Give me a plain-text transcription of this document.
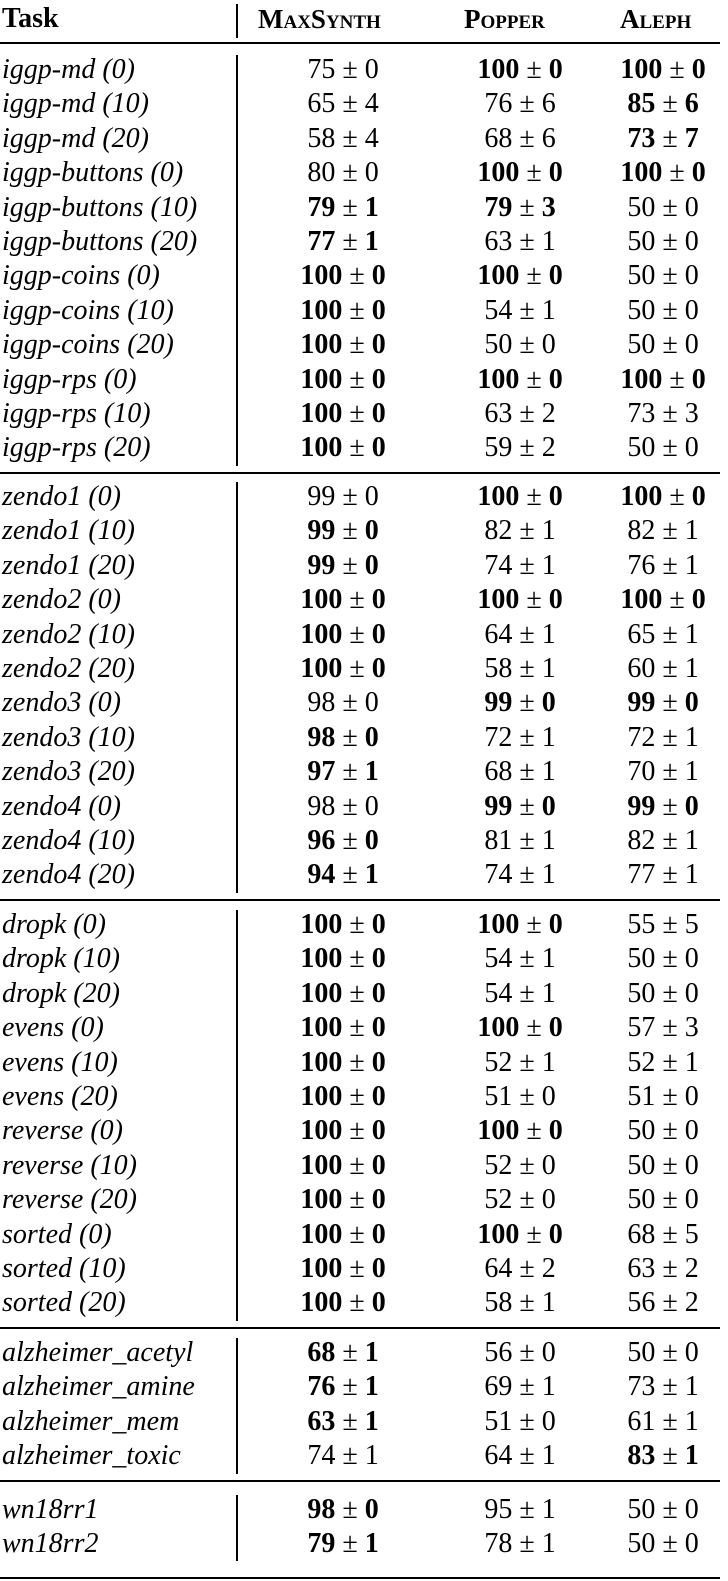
Task	MaxSynth	Popper	Aleph
iggp-md (0)	75 ± 0	100 ± 0	100 ± 0
iggp-md (10)	65 ± 4	76 ± 6	85 ± 6
iggp-md (20)	58 ± 4	68 ± 6	73 ± 7
iggp-buttons (0)	80 ± 0	100 ± 0	100 ± 0
iggp-buttons (10)	79 ± 1	79 ± 3	50 ± 0
iggp-buttons (20)	77 ± 1	63 ± 1	50 ± 0
iggp-coins (0)	100 ± 0	100 ± 0	50 ± 0
iggp-coins (10)	100 ± 0	54 ± 1	50 ± 0
iggp-coins (20)	100 ± 0	50 ± 0	50 ± 0
iggp-rps (0)	100 ± 0	100 ± 0	100 ± 0
iggp-rps (10)	100 ± 0	63 ± 2	73 ± 3
iggp-rps (20)	100 ± 0	59 ± 2	50 ± 0
zendo1 (0)	99 ± 0	100 ± 0	100 ± 0
zendo1 (10)	99 ± 0	82 ± 1	82 ± 1
zendo1 (20)	99 ± 0	74 ± 1	76 ± 1
zendo2 (0)	100 ± 0	100 ± 0	100 ± 0
zendo2 (10)	100 ± 0	64 ± 1	65 ± 1
zendo2 (20)	100 ± 0	58 ± 1	60 ± 1
zendo3 (0)	98 ± 0	99 ± 0	99 ± 0
zendo3 (10)	98 ± 0	72 ± 1	72 ± 1
zendo3 (20)	97 ± 1	68 ± 1	70 ± 1
zendo4 (0)	98 ± 0	99 ± 0	99 ± 0
zendo4 (10)	96 ± 0	81 ± 1	82 ± 1
zendo4 (20)	94 ± 1	74 ± 1	77 ± 1
dropk (0)	100 ± 0	100 ± 0	55 ± 5
dropk (10)	100 ± 0	54 ± 1	50 ± 0
dropk (20)	100 ± 0	54 ± 1	50 ± 0
evens (0)	100 ± 0	100 ± 0	57 ± 3
evens (10)	100 ± 0	52 ± 1	52 ± 1
evens (20)	100 ± 0	51 ± 0	51 ± 0
reverse (0)	100 ± 0	100 ± 0	50 ± 0
reverse (10)	100 ± 0	52 ± 0	50 ± 0
reverse (20)	100 ± 0	52 ± 0	50 ± 0
sorted (0)	100 ± 0	100 ± 0	68 ± 5
sorted (10)	100 ± 0	64 ± 2	63 ± 2
sorted (20)	100 ± 0	58 ± 1	56 ± 2
alzheimer_acetyl	68 ± 1	56 ± 0	50 ± 0
alzheimer_amine	76 ± 1	69 ± 1	73 ± 1
alzheimer_mem	63 ± 1	51 ± 0	61 ± 1
alzheimer_toxic	74 ± 1	64 ± 1	83 ± 1
wn18rr1	98 ± 0	95 ± 1	50 ± 0
wn18rr2	79 ± 1	78 ± 1	50 ± 0
